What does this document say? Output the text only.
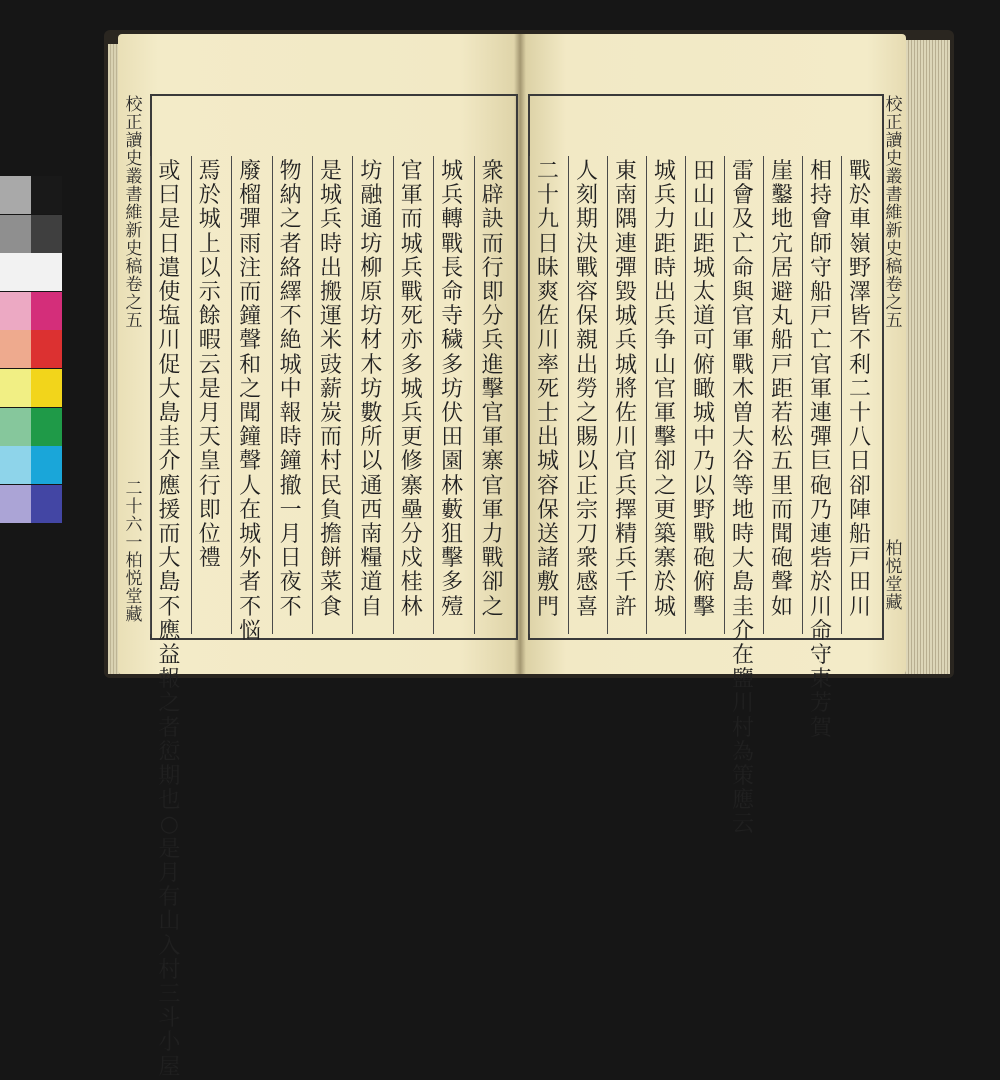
衆辟訣而行即分兵進擊官軍寨官軍力戰卻之
城兵轉戰長命寺穢多坊伏田園林藪狙擊多殪
官軍而城兵戰死亦多城兵更修寨壘分戍桂林
坊融通坊柳原坊材木坊數所以通西南糧道自
是城兵時出搬運米豉薪炭而村民負擔餅菜食
物納之者絡繹不絶城中報時鐘撤一月日夜不
廢榴彈雨注而鐘聲和之 聞鐘聲人在城外者不悩
焉於城上以示餘暇云是月 天皇行即位禮
或曰是日遣使塩川促大島圭介應援而大島不應益報之者愆期也○是月有山入村三斗小屋
校正讀史叢書維新史稿 卷之五
二十六 一柏悦堂藏
戰於車嶺野澤皆不利二十八日卻陣船戸田川
相持會師守船戸亡官軍連彈巨砲乃連砦於川命守東芳賀
崖鑿地宂居避丸船戸距若松五里而聞砲聲如
雷會及亡命與官軍戰木曽大谷等地時大島圭介在鹽川村為策應云
田山山距城太道可俯瞰城中乃以野戰砲俯擊
城兵力距時出兵争山官軍擊卻之更築寨於城
東南隅連彈毀城兵城將佐川官兵擇精兵千許
人刻期決戰容保親出勞之賜以正宗刀衆感喜
二十九日昧爽佐川率死士出城容保送諸敷門
校正讀史叢書維新史稿 卷之五
柏悦堂藏
